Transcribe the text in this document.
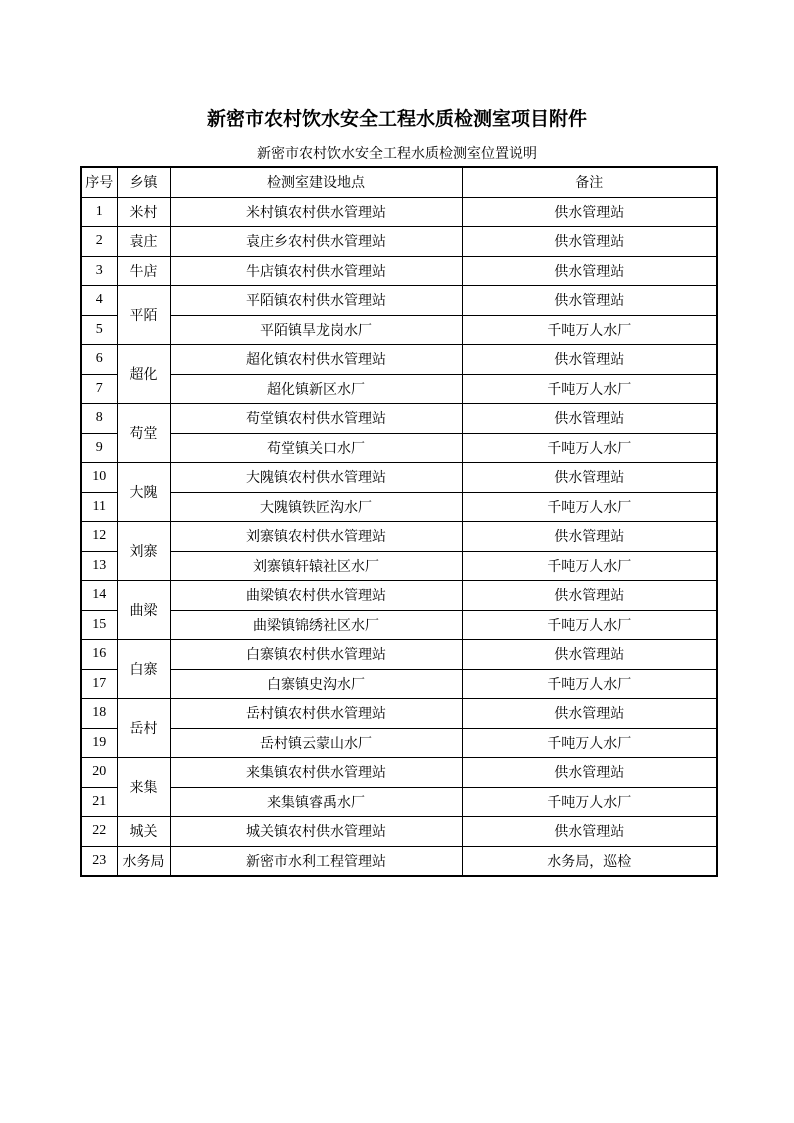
新密市农村饮水安全工程水质检测室项目附件
新密市农村饮水安全工程水质检测室位置说明
序号	乡镇	检测室建设地点	备注
1	米村	米村镇农村供水管理站	供水管理站
2	袁庄	袁庄乡农村供水管理站	供水管理站
3	牛店	牛店镇农村供水管理站	供水管理站
4	平陌	平陌镇农村供水管理站	供水管理站
5		平陌镇旱龙岗水厂	千吨万人水厂
6	超化	超化镇农村供水管理站	供水管理站
7		超化镇新区水厂	千吨万人水厂
8	苟堂	苟堂镇农村供水管理站	供水管理站
9		苟堂镇关口水厂	千吨万人水厂
10	大隗	大隗镇农村供水管理站	供水管理站
11		大隗镇铁匠沟水厂	千吨万人水厂
12	刘寨	刘寨镇农村供水管理站	供水管理站
13		刘寨镇轩辕社区水厂	千吨万人水厂
14	曲梁	曲梁镇农村供水管理站	供水管理站
15		曲梁镇锦绣社区水厂	千吨万人水厂
16	白寨	白寨镇农村供水管理站	供水管理站
17		白寨镇史沟水厂	千吨万人水厂
18	岳村	岳村镇农村供水管理站	供水管理站
19		岳村镇云蒙山水厂	千吨万人水厂
20	来集	来集镇农村供水管理站	供水管理站
21		来集镇睿禹水厂	千吨万人水厂
22	城关	城关镇农村供水管理站	供水管理站
23	水务局	新密市水利工程管理站	水务局，巡检
